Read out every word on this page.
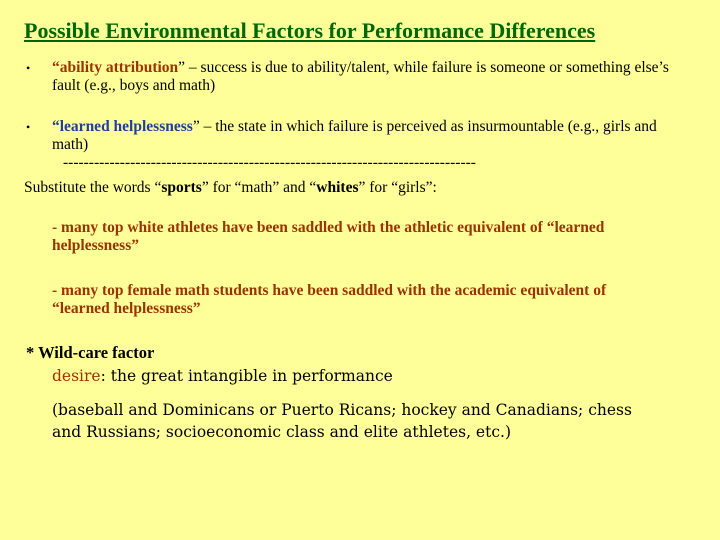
Possible Environmental Factors for Performance Differences
• “ability attribution” – success is due to ability/talent, while failure is someone or something else’s fault (e.g., boys and math)
• “learned helplessness” – the state in which failure is perceived as insurmountable (e.g., girls and math)
--------------------------------------------------------------------------------
Substitute the words “sports” for “math” and “whites” for “girls”:
- many top white athletes have been saddled with the athletic equivalent of “learned helplessness”
- many top female math students have been saddled with the academic equivalent of “learned helplessness”
* Wild-care factor
desire: the great intangible in performance
(baseball and Dominicans or Puerto Ricans; hockey and Canadians; chess and Russians; socioeconomic class and elite athletes, etc.)
